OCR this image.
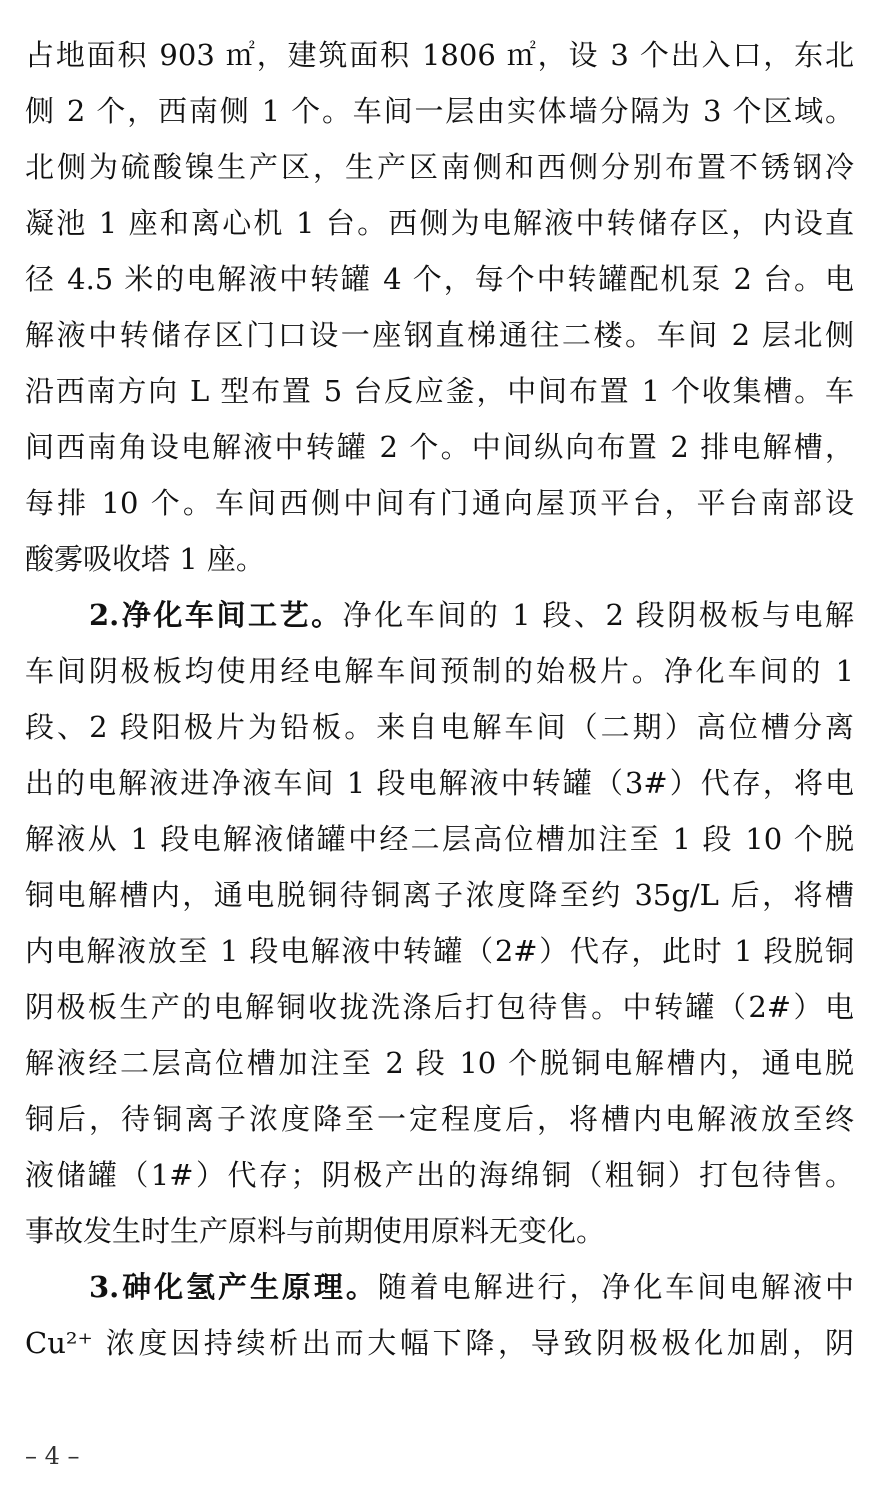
占地面积 903 ㎡，建筑面积 1806 ㎡，设 3 个出入口，东北
侧 2 个，西南侧 1 个。车间一层由实体墙分隔为 3 个区域。
北侧为硫酸镍生产区，生产区南侧和西侧分别布置不锈钢冷
凝池 1 座和离心机 1 台。西侧为电解液中转储存区，内设直
径 4.5 米的电解液中转罐 4 个，每个中转罐配机泵 2 台。电
解液中转储存区门口设一座钢直梯通往二楼。车间 2 层北侧
沿西南方向 L 型布置 5 台反应釜，中间布置 1 个收集槽。车
间西南角设电解液中转罐 2 个。中间纵向布置 2 排电解槽，
每排 10 个。车间西侧中间有门通向屋顶平台，平台南部设
酸雾吸收塔 1 座。
2.净化车间工艺。净化车间的 1 段、2 段阴极板与电解
车间阴极板均使用经电解车间预制的始极片。净化车间的 1
段、2 段阳极片为铅板。来自电解车间（二期）高位槽分离
出的电解液进净液车间 1 段电解液中转罐（3#）代存，将电
解液从 1 段电解液储罐中经二层高位槽加注至 1 段 10 个脱
铜电解槽内，通电脱铜待铜离子浓度降至约 35g/L 后，将槽
内电解液放至 1 段电解液中转罐（2#）代存，此时 1 段脱铜
阴极板生产的电解铜收拢洗涤后打包待售。中转罐（2#）电
解液经二层高位槽加注至 2 段 10 个脱铜电解槽内，通电脱
铜后，待铜离子浓度降至一定程度后，将槽内电解液放至终
液储罐（1#）代存；阴极产出的海绵铜（粗铜）打包待售。
事故发生时生产原料与前期使用原料无变化。
3.砷化氢产生原理。随着电解进行，净化车间电解液中
Cu²⁺ 浓度因持续析出而大幅下降，导致阴极极化加剧，阴
– 4 –
